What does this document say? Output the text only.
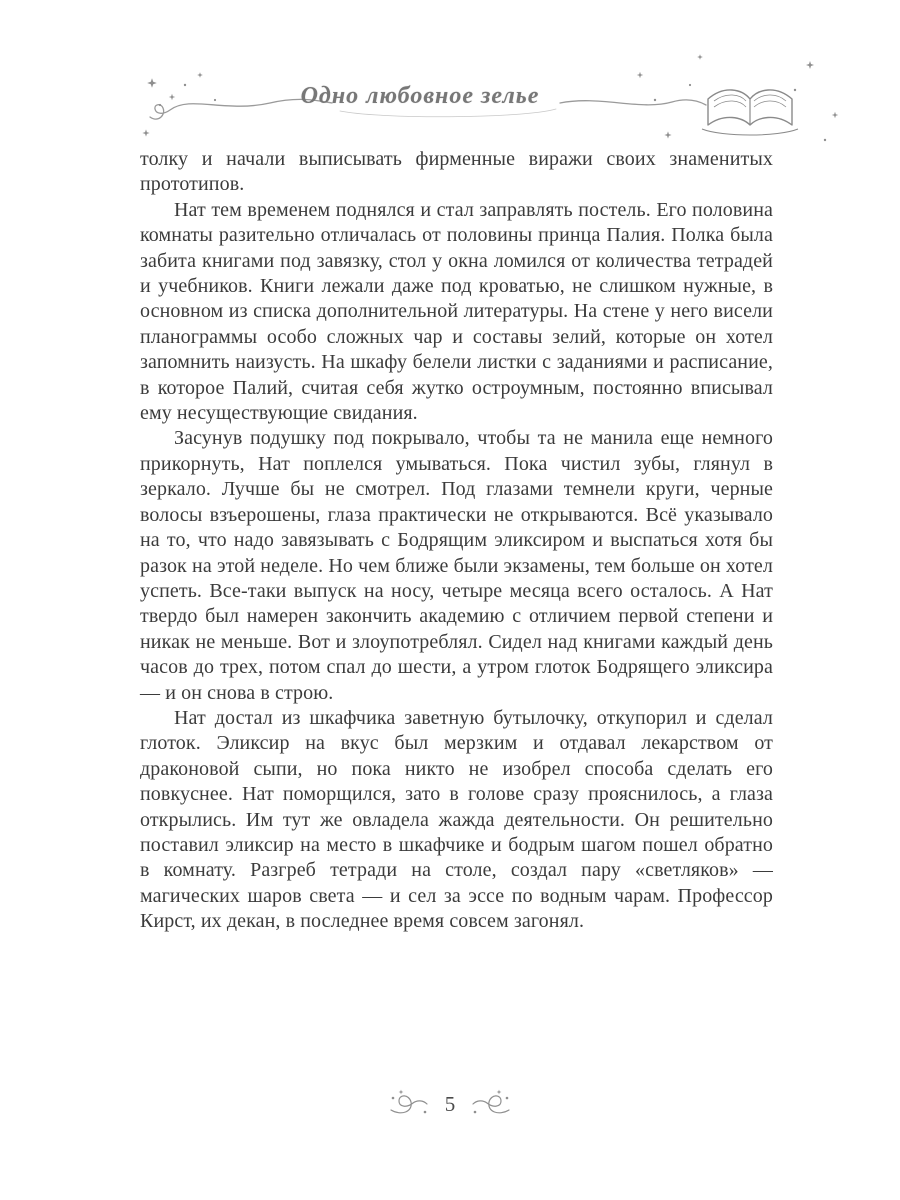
Одно любовное зелье

толку и начали выписывать фирменные виражи своих знаменитых прототипов.

Нат тем временем поднялся и стал заправлять постель. Его половина комнаты разительно отличалась от половины принца Палия. Полка была забита книгами под завязку, стол у окна ломился от количества тетрадей и учебников. Книги лежали даже под кроватью, не слишком нужные, в основном из списка дополнительной литературы. На стене у него висели планограммы особо сложных чар и составы зелий, которые он хотел запомнить наизусть. На шкафу белели листки с заданиями и расписание, в которое Палий, считая себя жутко остроумным, постоянно вписывал ему несуществующие свидания.

Засунув подушку под покрывало, чтобы та не манила еще немного прикорнуть, Нат поплелся умываться. Пока чистил зубы, глянул в зеркало. Лучше бы не смотрел. Под глазами темнели круги, черные волосы взъерошены, глаза практически не открываются. Всё указывало на то, что надо завязывать с Бодрящим эликсиром и выспаться хотя бы разок на этой неделе. Но чем ближе были экзамены, тем больше он хотел успеть. Все-таки выпуск на носу, четыре месяца всего осталось. А Нат твердо был намерен закончить академию с отличием первой степени и никак не меньше. Вот и злоупотреблял. Сидел над книгами каждый день часов до трех, потом спал до шести, а утром глоток Бодрящего эликсира — и он снова в строю.

Нат достал из шкафчика заветную бутылочку, откупорил и сделал глоток. Эликсир на вкус был мерзким и отдавал лекарством от драконовой сыпи, но пока никто не изобрел способа сделать его повкуснее. Нат поморщился, зато в голове сразу прояснилось, а глаза открылись. Им тут же овладела жажда деятельности. Он решительно поставил эликсир на место в шкафчике и бодрым шагом пошел обратно в комнату. Разгреб тетради на столе, создал пару «светляков» — магических шаров света — и сел за эссе по водным чарам. Профессор Кирст, их декан, в последнее время совсем загонял.

5
